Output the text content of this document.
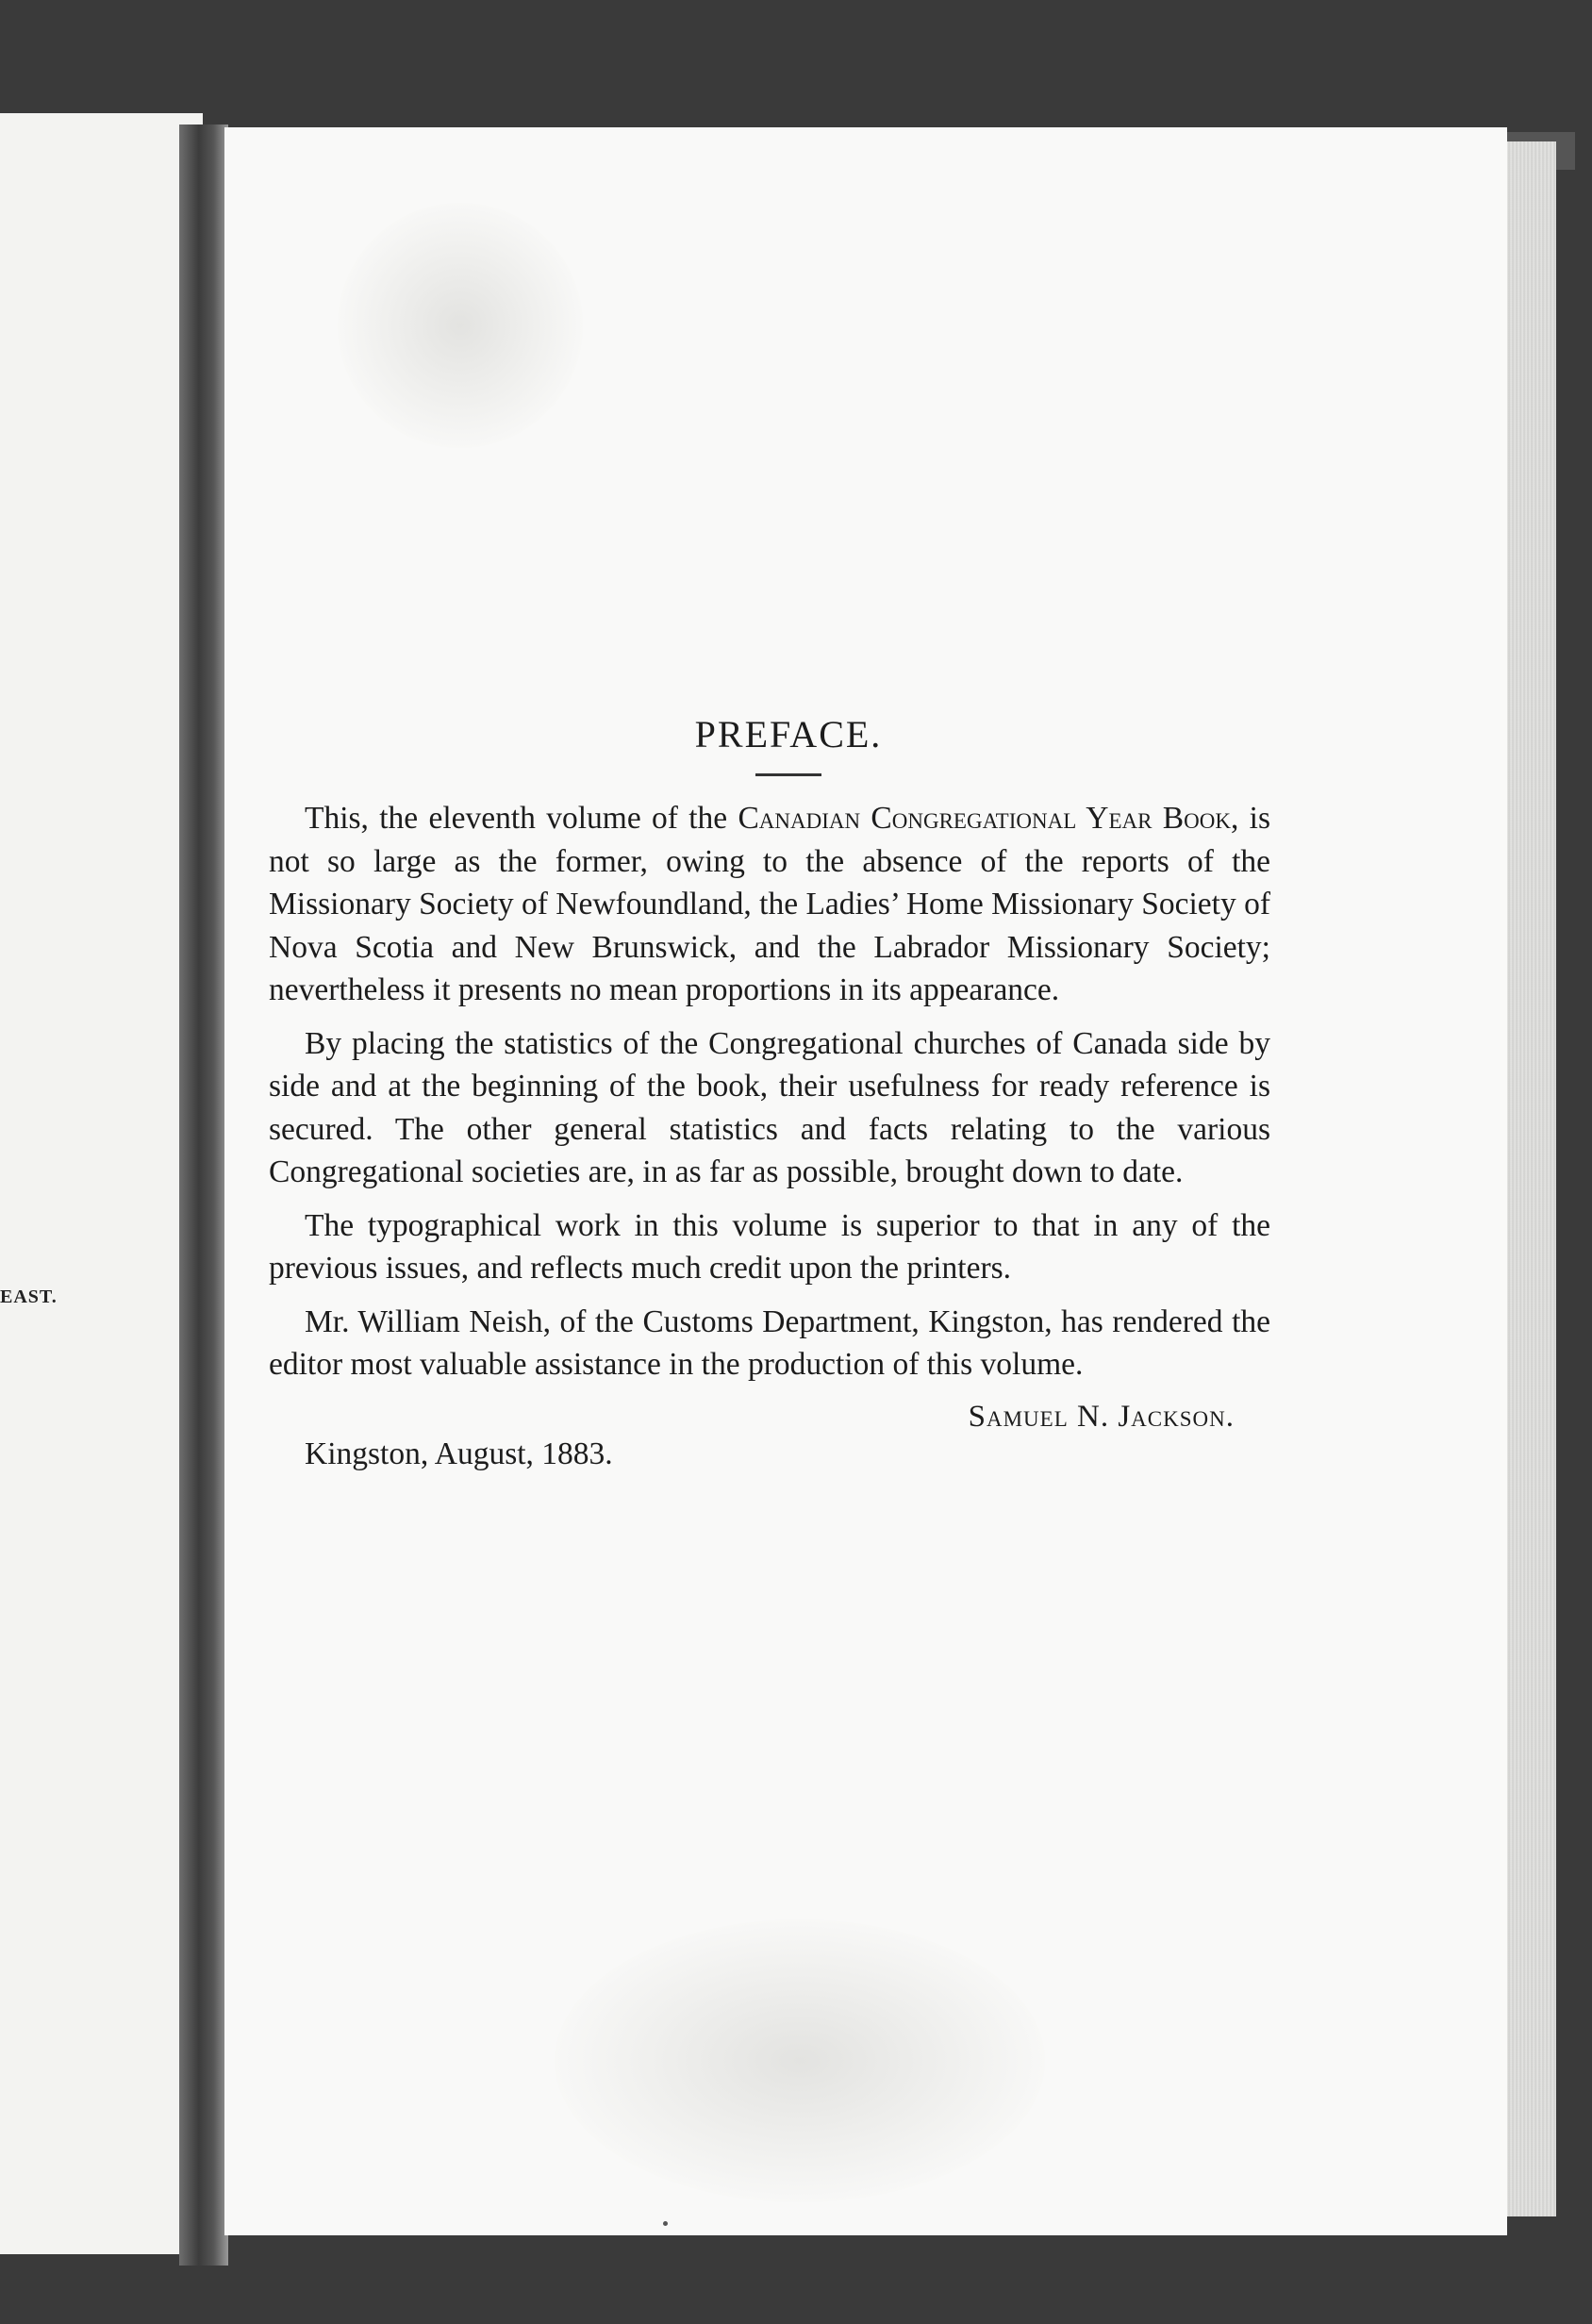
EAST.
PREFACE.

This, the eleventh volume of the Canadian Congregational Year Book, is not so large as the former, owing to the absence of the reports of the Missionary Society of Newfoundland, the Ladies’ Home Missionary Society of Nova Scotia and New Brunswick, and the Labrador Missionary Society; nevertheless it presents no mean proportions in its appearance.

By placing the statistics of the Congregational churches of Canada side by side and at the beginning of the book, their usefulness for ready reference is secured. The other general statistics and facts relating to the various Congregational societies are, in as far as possible, brought down to date.

The typographical work in this volume is superior to that in any of the previous issues, and reflects much credit upon the printers.

Mr. William Neish, of the Customs Department, Kingston, has rendered the editor most valuable assistance in the production of this volume.

Samuel N. Jackson.
Kingston, August, 1883.
